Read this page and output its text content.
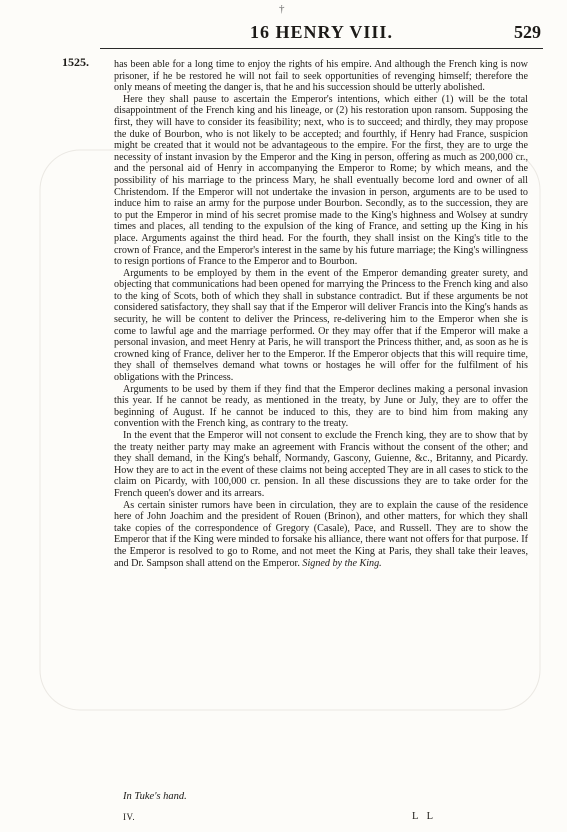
†
16 HENRY VIII.	529
1525. has been able for a long time to enjoy the rights of his empire. And although the French king is now prisoner, if he be restored he will not fail to seek opportunities of revenging himself; therefore the only means of meeting the danger is, that he and his succession should be utterly abolished.

Here they shall pause to ascertain the Emperor's intentions, which either (1) will be the total disappointment of the French king and his lineage, or (2) his restoration upon ransom. Supposing the first, they will have to consider its feasibility; next, who is to succeed; and thirdly, they may propose the duke of Bourbon, who is not likely to be accepted; and fourthly, if Henry had France, suspicion might be created that it would not be advantageous to the empire. For the first, they are to urge the necessity of instant invasion by the Emperor and the King in person, offering as much as 200,000 cr., and the personal aid of Henry in accompanying the Emperor to Rome; by which means, and the possibility of his marriage to the princess Mary, he shall eventually become lord and owner of all Christendom. If the Emperor will not undertake the invasion in person, arguments are to be used to induce him to raise an army for the purpose under Bourbon. Secondly, as to the succession, they are to put the Emperor in mind of his secret promise made to the King's highness and Wolsey at sundry times and places, all tending to the expulsion of the king of France, and setting up the King in his place. Arguments against the third head. For the fourth, they shall insist on the King's title to the crown of France, and the Emperor's interest in the same by his future marriage; the King's willingness to resign portions of France to the Emperor and to Bourbon.

Arguments to be employed by them in the event of the Emperor demanding greater surety, and objecting that communications had been opened for marrying the Princess to the French king and also to the king of Scots, both of which they shall in substance contradict. But if these arguments be not considered satisfactory, they shall say that if the Emperor will deliver Francis into the King's hands as security, he will be content to deliver the Princess, re-delivering him to the Emperor when she is come to lawful age and the marriage performed. Or they may offer that if the Emperor will make a personal invasion, and meet Henry at Paris, he will transport the Princess thither, and, as soon as he is crowned king of France, deliver her to the Emperor. If the Emperor objects that this will require time, they shall of themselves demand what towns or hostages he will offer for the fulfilment of his obligations with the Princess.

Arguments to be used by them if they find that the Emperor declines making a personal invasion this year. If he cannot be ready, as mentioned in the treaty, by June or July, they are to offer the beginning of August. If he cannot be induced to this, they are to bind him from making any convention with the French king, as contrary to the treaty.

In the event that the Emperor will not consent to exclude the French king, they are to show that by the treaty neither party may make an agreement with Francis without the consent of the other; and they shall demand, in the King's behalf, Normandy, Gascony, Guienne, &c., Britanny, and Picardy. How they are to act in the event of these claims not being accepted They are in all cases to stick to the claim on Picardy, with 100,000 cr. pension. In all these discussions they are to take order for the French queen's dower and its arrears.

As certain sinister rumors have been in circulation, they are to explain the cause of the residence here of John Joachim and the president of Rouen (Brinon), and other matters, for which they shall take copies of the correspondence of Gregory (Casale), Pace, and Russell. They are to show the Emperor that if the King were minded to forsake his alliance, there want not offers for that purpose. If the Emperor is resolved to go to Rome, and not meet the King at Paris, they shall take their leaves, and Dr. Sampson shall attend on the Emperor. Signed by the King.

In Tuke's hand.
IV.	L L
